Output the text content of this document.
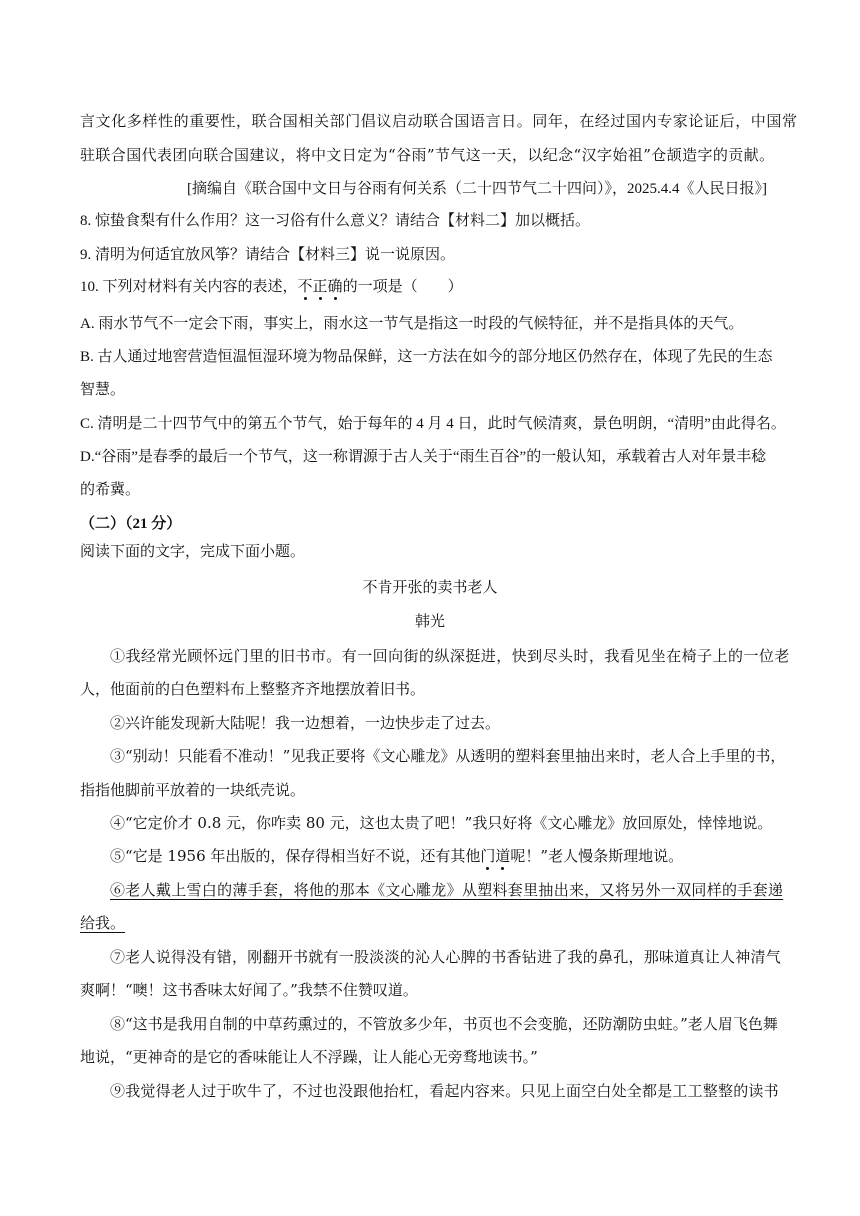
言文化多样性的重要性，联合国相关部门倡议启动联合国语言日。同年，在经过国内专家论证后，中国常
驻联合国代表团向联合国建议，将中文日定为“谷雨”节气这一天，以纪念“汉字始祖”仓颉造字的贡献。
[摘编自《联合国中文日与谷雨有何关系（二十四节气二十四问）》，2025.4.4《人民日报》]
8. 惊蛰食梨有什么作用？这一习俗有什么意义？请结合【材料二】加以概括。
9. 清明为何适宜放风筝？请结合【材料三】说一说原因。
10. 下列对材料有关内容的表述，不正确的一项是（　　）
A. 雨水节气不一定会下雨，事实上，雨水这一节气是指这一时段的气候特征，并不是指具体的天气。
B. 古人通过地窖营造恒温恒湿环境为物品保鲜，这一方法在如今的部分地区仍然存在，体现了先民的生态
智慧。
C. 清明是二十四节气中的第五个节气，始于每年的 4 月 4 日，此时气候清爽，景色明朗，“清明”由此得名。
D.“谷雨”是春季的最后一个节气，这一称谓源于古人关于“雨生百谷”的一般认知，承载着古人对年景丰稔
的希冀。
（二）（21 分）
阅读下面的文字，完成下面小题。
不肯开张的卖书老人
韩光
①我经常光顾怀远门里的旧书市。有一回向街的纵深挺进，快到尽头时，我看见坐在椅子上的一位老
人，他面前的白色塑料布上整整齐齐地摆放着旧书。
②兴许能发现新大陆呢！我一边想着，一边快步走了过去。
③“别动！只能看不准动！”见我正要将《文心雕龙》从透明的塑料套里抽出来时，老人合上手里的书，
指指他脚前平放着的一块纸壳说。
④“它定价才 0.8 元，你咋卖 80 元，这也太贵了吧！”我只好将《文心雕龙》放回原处，悻悻地说。
⑤“它是 1956 年出版的，保存得相当好不说，还有其他门道呢！”老人慢条斯理地说。
⑥老人戴上雪白的薄手套，将他的那本《文心雕龙》从塑料套里抽出来，又将另外一双同样的手套递
给我。
⑦老人说得没有错，刚翻开书就有一股淡淡的沁人心脾的书香钻进了我的鼻孔，那味道真让人神清气
爽啊！“噢！这书香味太好闻了。”我禁不住赞叹道。
⑧“这书是我用自制的中草药熏过的，不管放多少年，书页也不会变脆，还防潮防虫蛀。”老人眉飞色舞
地说，“更神奇的是它的香味能让人不浮躁，让人能心无旁骛地读书。”
⑨我觉得老人过于吹牛了，不过也没跟他抬杠，看起内容来。只见上面空白处全都是工工整整的读书
